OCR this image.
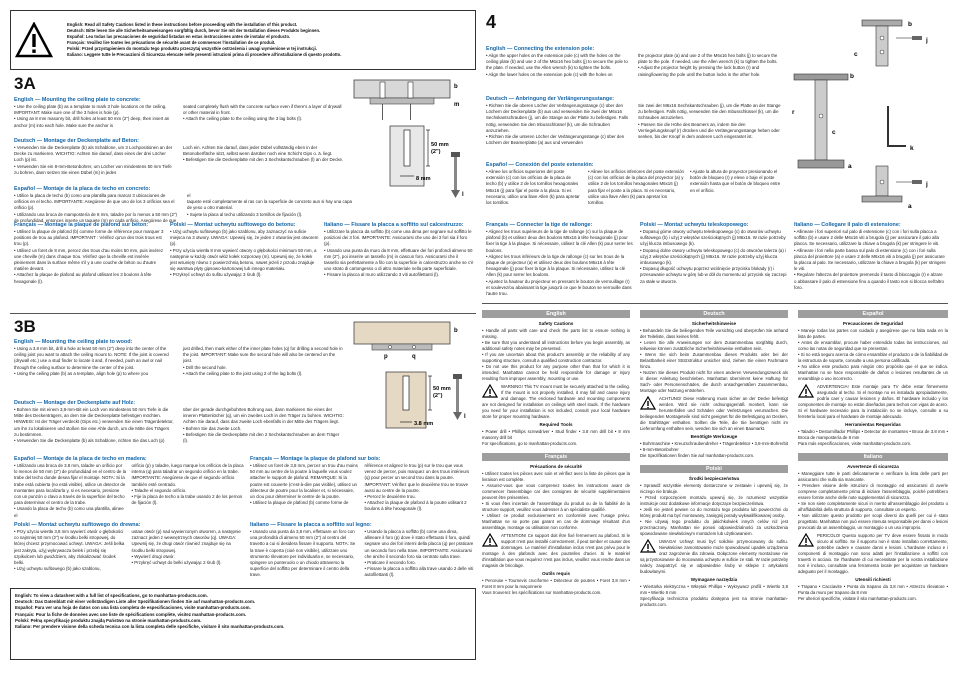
English: Read all Safety Cautions listed in these instructions before proceeding with the installation of this product.
Deutsch: Bitte lesen Sie alle Sicherheitsanweisungen sorgfältig durch, bevor Sie mit der Installation dieses Produkts beginnen.
Español: Lea todas las precauciones de seguridad listadas en estas instrucciones antes de instalar el producto.
Français: Veuillez lire toutes les précautions de sécurité avant de commencer l'installation de ce produit.
Polski: Przed przystąpieniem do montażu tego produktu przeczytaj wszystkie ostrzeżenia i uwagi wymienione w tej instrukcji.
Italiano: Leggere tutte le Precauzioni di Sicurezza elencate nelle presenti istruzioni prima di procedere all'installazione di questo prodotto.
3A
English — Mounting the ceiling plate to concrete:
• Use the ceiling plate (b) as a template to mark 3 hole locations on the ceiling. IMPORTANT: Make sure one of the 3 holes is hole (p).
• Using an 8 mm masonry bit, drill holes at least 50 mm (2") deep, then insert an anchor (m) into each hole. Make sure the anchor is
seated completely flush with the concrete surface even if there's a layer of drywall or other material in front.
• Attach the ceiling plate to the ceiling using the 3 lag bolts (l).
Deutsch — Montage der Deckenplatte auf Beton:
• Verwenden Sie die Deckenplatte (b) als Schablone, um 3 Lochpositionen an der Decke zu markieren. WICHTIG: Achten Sie darauf, dass eines der drei Löcher Loch (p) ist.
• Verwenden Sie ein 8-mm-Betonbohrer, um Löcher von mindestens 50 mm Tiefe zu bohren, dann setzen Sie einen Dübel (m) in jedes
Loch ein. Achten Sie darauf, dass jeder Dübel vollständig eben in der Betonoberfläche sitzt, selbst wenn darüber noch eine Schicht Gips o. ä. liegt.
• Befestigen Sie die Deckenplatte mit den 3 Sechskantschrauben (l) an der Decke.
Español — Montaje de la placa de techo en concreto:
• Utilice la placa de techo (b) como una plantilla para marcar 3 ubicaciones de orificios en el techo. IMPORTANTE: Asegúrese de que uno de los 3 orificios sea el orificio (p).
• Utilizando una broca de mampostería de 8 mm, taladre por lo menos a 50 mm (2") de profundidad, entonces inserte un taquete (m) en cada orificio. Asegúrese de que el
taquete esté completamente al ras con la superficie de concreto aun si hay una capa de yeso u otro material.
• Sujete la placa al techo utilizando 3 tornillos de fijación (l).
Français — Montage la plaque de plafond sur béton:
• Utilisez la plaque de plafond (b) comme forme de référence pour marquer 3 positions de trou au plafond. IMPORTANT : Vérifiez qu'un des trois trous est trou (p).
• Utilisez un foret de 8 mm, percez des trous d'au moins 50 mm, puis insérez une cheville (m) dans chaque trou. Vérifiez que la cheville est insérée pleinement dans la surface même s'il y a une couche de béton ou d'autre matière devant.
• Attachez la plaque de plafond au plafond utilisant les 3 boulons à tête hexagonale (l).
Polski — Montaż uchwytu sufitowego do betonu:
• Użyj uchwytu sufitowego (b) jako szablonu, aby zaznaczyć na suficie miejsca na 3 otwory. UWAGA: Upewnij się, że jeden z otworów jest otworem (p).
• Przy użyciu wiertła 8 mm wywierć otwory o głębokości minimum 50 mm, a następnie w każdy otwór włóż kołek rozporowy (m). Upewnij się, że kołek jest wsunięty równo z powierzchnią betonu, nawet jeżeli z przodu znajduje się warstwa płyty gipsowo-kartonowej lub innego materiału.
• Przykręć uchwyt do sufitu używając 3 śrub (l).
Italiano — Fissare la placca a soffitto sul calcestruzzo:
• Utilizzare la placca da soffitto (b) come una dima per segnare sul soffitto le posizioni dei 3 fori. IMPORTANTE: Assicurarsi che uno dei 3 fori sia il foro (p).
• Usando una punta da muro da 8 mm, effettuare dei fori profondi almeno 50 mm (2"), poi inserire un tassello (m) in ciascun foro. Assicurarsi che il tassello sia perfettamente a filo con la superficie in calcestruzzo anche se c'è uno strato di cartongesso o di altro materiale nella parte superficiale.
• Fissare la placca al muro utilizzando 3 viti autofilettanti (l).
b
m
50 mm
(2")
8 mm
l
3B
English — Mounting the ceiling plate to wood:
• Using a 3.8 mm bit, drill a hole at least 50 mm (2") deep into the center of the ceiling joist you want to attach the ceiling mount to. NOTE: If the joist is covered (drywall etc.) use a stud finder to locate it and, if needed, push an awl or nail through the ceiling surface to determine the center of the joist.
• Using the ceiling plate (b) as a template, align hole (p) to where you
just drilled, then mark either of the inner plate holes (q) for drilling a second hole in the joist. IMPORTANT: Make sure the second hole will also be centered on the joist.
• Drill the second hole.
• Attach the ceiling plate to the joist using 2 of the lag bolts (l).
Deutsch — Montage der Deckenplatte auf Holz:
• Bohren Sie mit einem 3,8-mm-Bit ein Loch von mindestens 50 mm Tiefe in die Mitte des Deckenträgers, an dem Sie die Deckenplatte befestigen möchten. HINWEIS: Ist der Träger verdeckt (Gips etc.) verwenden Sie einen Trägerdetektor, um ihn zu lokalisieren und stoßen Sie eine Ahle durch, um die Mitte des Trägers zu bestimmen.
• Verwenden Sie die Deckenplatte (b) als Schablone, richten Sie das Loch (p)
über der gerade durchgebohrten Bohrung aus, dann markieren Sie eines der inneren Plattenlöcher (q), um ein zweites Loch in den Träger zu bohren. WICHTIG: Achten Sie darauf, dass das zweite Loch ebenfalls in der Mitte des Trägers liegt.
• Bohren Sie das zweite Loch.
• Befestigen Sie die Deckenplatte mit den 2 Sechskantschrauben an dem Träger (l).
Español — Montaje de la placa de techo en madera:
• Utilizando una broca de 3.8 mm, taladre un orificio por lo menos de 50 mm (2") de profundidad en el centro de la trabe del techo donde desea fijar el montaje. NOTA: Si la trabe está cubierta (no está visible), utilice un detector de montantes para localizarla y, si es necesario, presione con un punzón o clavo a través de la superficie del techo para determinar el centro de la trabe.
• Usando la placa de techo (b) como una plantilla, alinee el
orificio (p) y taladre, luego marque los orificios de la placa interna (q) para taladrar un segundo orificio en la trabe. IMPORTANTE: Asegúrese de que el segundo orificio también esté centrado.
• Taladre el segundo orificio.
• Fije la placa de techo a la trabe usando 2 de los pernos de fijación (l).
Polski — Montaż uchwytu sufitowego do drewna:
• Przy użyciu wiertła 3,8 mm wywierć otwór o głębokości co najmniej 50 mm (2") w środku belki stropowej, do której chcesz przymocować uchwyt. UWAGA: Jeśli belka jest zakryta, użyj wykrywacza belek i przebij się szpikulcem lub gwoździem, aby zlokalizować środek belki.
• Użyj uchwytu sufitowego (b) jako szablonu,
ustaw otwór (p) nad wywierconym otworem, a następnie zaznacz jeden z wewnętrznych otworów (q). UWAGA: Upewnij się, że drugi otwór również znajduje się na środku belki stropowej.
• Wywierć drugi otwór.
• Przykręć uchwyt do belki używając 2 śrub (l).
Français — Montage la plaque de plafond sur bois:
• Utilisez un foret de 3,8 mm, percez un trou d'au moins 50 mm au centre de la poutre à laquelle vous voulez attacher le support de plafond. REMARQUE: Si la poutre est couverte (c'est-à-dire pas visible), utilisez un détecteur de poutre pour la localiser et, si nécessaire, un clou pour déterminer le centre de la poutre.
• Utilisez la plaque de plafond (b) comme forme de
référence et alignez le trou (p) sur le trou que vous venez de percer, puis marquez un des trous intérieurs (q) pour percer un second trou dans la poutre. IMPORTANT: Vérifiez que le deuxième trou se trouve aussi au centre de la poutre.
• Percez le deuxième trou.
• Attachez la plaque de plafond à la poutre utilisant 2 boulons à tête hexagonale (l).
Italiano — Fissare la placca a soffitto sul legno:
• Usando una punta da 3,8 mm, effettuare un foro con una profondità di almeno 50 mm (2") al centro del travetto a cui si desidera fissare il supporto. NOTA: Se la trave è coperta (cioè non visibile), utilizzare uno strumento rilevatore per individuarla e, se necessario, spingere un punteruolo o un chiodo attraverso la superficie del soffitto per determinare il centro della trave.
• Usando la placca a soffitto (b) come una dima,
allineare il foro (p) dove è stato effettuato il foro, quindi segnare uno dei fori interni della placca (q) per praticare un secondo foro nella trave. IMPORTANTE: Assicurarsi che anche il secondo foro sia centrato sulla trave.
• Praticare il secondo foro.
• Fissare la placca a soffitto alla trave usando 2 delle viti autofilettanti (l).
p	q
b
50 mm
(2")
3.8 mm
l
English: To view a datasheet with a full list of specifications, go to manhattan-products.com.
Deutsch: Das Datenblatt mit einer vollständigen Liste aller Spezifikationen finden Sie auf manhattan-products.com.
Español: Para ver una hoja de datos con una lista completa de especificaciones, visite manhattan-products.com.
Français: Pour la fiche de données avec une liste de spécifications complète, visitez manhattan-products.com.
Polski: Pełną specyfikację produktu znajdą Państwo na stronie manhattan-products.com.
Italiano: Per prendere visione della scheda tecnica con la lista completa delle specifiche, visitare il sito manhattan-products.com.
4
English — Connecting the extension pole:
• Align the upper holes on the extension pole (c) with the holes on the ceiling plate (b) and use 2 of the M6x16 hex bolts (j) to secure the pole to the plate. If needed, use the Allen wrench (k) to tighten the bolts.
• Align the lower holes on the extension pole (c) with the holes on
the projector plate (a) and use 2 of the M6x16 hex bolts (j) to secure the plate to the pole. If needed, use the Allen wrench (k) to tighten the bolts.
• Adjust the projector height by pressing the lock button (r) and raising/lowering the pole until the button locks in the other hole.
Deutsch — Anbringung der Verlängerungsstange:
• Richten Sie die oberen Löcher der Verlängerungsstange (c) über den Löchern der Deckenplatte (b) aus und verwenden Sie zwei der M6x16 Sechskantschrauben (j), um die Stange an der Platte zu befestigen. Falls nötig, verwenden Sie den Inbusschlüssel (k), um die Schrauben anzuziehen.
• Richten Sie die unteren Löcher der Verlängerungsstange (c) über den Löchern der Beamerplatte (a) aus und verwenden
Sie zwei der M6x16 Sechskantschrauben (j), um die Platte an der Stange zu befestigen. Falls nötig, verwenden Sie den Inbusschlüssel (k), um die Schrauben anzuziehen.
• Passen Sie die Höhe des Beamers an, indem Sie den Verriegelungsknopf (r) drücken und die Verlängerungsstange heben oder senken, bis der Knopf in dem anderen Loch eingerastet ist.
Español — Conexión del poste extensión:
• Alinee los orificios superiores del poste extensión (c) con los orificios de la placa de techo (b) y utilice 2 de los tornillos hexagonales M6x16 (j) para fijar el poste a la placa. Si es necesario, utilice una llave Allen (k) para apretar los tornillos.
• Alinee los orificios inferiores del poste extensión (c) con los orificios de la placa del proyector (a) y utilice 2 de los tornillos hexagonales M6x16 (j) para fijar el poste a la placa. Si es necesario, utilice una llave Allen (k) para apretar los tornillos.
• Ajuste la altura de proyector presionando el botón de bloqueo (r) y eleve o baje el poste extensión hasta que el botón de bloqueo entre en el orificio.
Français — Connecter la tige de rallonge:
• Alignez les trous supérieurs de la tige de rallonge (c) sur la plaque de plafond (b) et utilisez deux des boulons M6x16 à tête hexagonale (j) pour fixer la tige à la plaque. Si nécessaire, utilisez la clé Allen (k) pour serrer les boulons.
• Alignez les trous inférieurs de la tige de rallonge (c) sur les trous de la plaque de projecteur (a) et utilisez deux des boulons M6x16 à tête hexagonale (j) pour fixer la tige à la plaque. Si nécessaire, utilisez la clé Allen (k) pour serrer les boulons.
• Ajustez la hauteur du projecteur en pressant le bouton de verrouillage (r) et soulevez/ou abaissant la tige jusqu'à ce que le bouton se verrouille dans l'autre trou.
Polski — Montaż uchwytu teleskopowego:
• Dopasuj górne otwory uchwytu teleskopowego (c) do otworów uchwytu sufitowego (b) i użyj 2 wkrętów sześciokątnych (j) M6x16. W razie potrzeby użyj klucza imbusowego (k).
• Dopasuj dolne otwory uchwytu teleskopowego (c) do otworów talerza (a) i użyj 2 wkrętów sześciokątnych (j) M6x16. W razie potrzeby użyj klucza imbusowego (k).
• Dopasuj długość uchwytu poprzez wciśnięcie przycisku blokady (r) i przesuwanie uchwytu w górę lub w dół do momentu aż przycisk się zaczepi za stałe w otworze.
Italiano — Collegare il palo di estensione:
• Allineare i fori superiori sul palo di estensione (c) con i fori sulla placca a soffitto (b) e usare 2 delle M6x16 viti a brugola (j) per assicurare il palo alla placca. Se necessario, utilizzare la chiave a brugola (k) per stringere le viti.
• Allineare i fori nella parte bassa sul palo di estensione (c) con i fori sulla placca del proiettore (a) e usare 2 delle M6x16 viti a brugola (j) per assicurare la placca al palo. Se necessario, utilizzare la chiave a brugola (k) per stringere le viti.
• Regolare l'altezza del proiettore premendo il tasto di bloccaggio (r) e alzare o abbassare il palo di estensione fino a quando il tasto non si blocca nell'altro foro.
b
j
c
b
r
c
a
k
j
a
English
Safety Cautions
• Handle all parts with care and check the parts list to ensure nothing is missing.
• Be sure that you understand all instructions before you begin assembly, as additional safety notes may be presented.
• If you are uncertain about this product's assembly or the reliability of any supporting structure, consult a qualified construction contractor.
• Do not use this product for any purpose other than that for which it is intended. Manhattan cannot be held responsible for damage or injury resulting from improper assembly, mounting or use.
WARNING! This TV mount must be securely attached to the ceiling. If the mount is not properly installed, it may fall and cause injury and damage. The enclosed hardware and mounting components are not designed for installation on ceilings with steel studs. If the hardware you need for your installation is not included, consult your local hardware store for proper mounting hardware.
Required Tools
• Power drill • Phillips screwdriver • Stud finder • 3.8 mm drill bit • 8 mm masonry drill bit
For specifications, go to manhattan-products.com.
Français
Précautions de sécurité
• Utilisez toutes les pièces avec soin et vérifiez avec la liste de pièces que la livraison est complète.
• Assurez-vous que vous comprenez toutes les instructions avant de commencer l'assemblage car des consignes de sécurité supplémentaires peuvent être présentées.
• Si vous êtes incertain de l'assemblage du produit ou de la fiabilité de la structure support, veuillez vous adresser à un spécialiste qualifié.
• Utilisez ce produit exclusivement en conformité avec l'usage prévu. Manhattan ne se porte pas garant en cas de dommage résultant d'un assemblage, montage ou utilisation non conforme.
ATTENTION! Ce support doit être fixé fermement au plafond. Si le support n'est pas installé correctement, il peut tomber et causer des dommages. Le matériel d'installation inclus n'est pas prévu pour le montage à des plafonds avec des poutrelles d'acier. Si le matériel d'installation que vous requérez n'est pas inclus, veuillez vous rendre dans un magasin de bricolage.
Outils requis
• Perceuse • Tournevis cruciforme • Détecteur de poutres • Foret 3,8 mm • Foret 8 mm pour la maçonnerie
Vous trouverez les spécifications sur manhattan-products.com.
Deutsch
Sicherheitshinweise
• Behandeln Sie die beiliegenden Teile vorsichtig und überprüfen Sie anhand der Teileliste, dass keines fehlt.
• Lesen Sie alle Anweisungen vor dem Zusammenbau sorgfältig durch, teilweise können zusätzliche Sicherheitshinweise enthalten sein.
• Wenn Sie sich beim Zusammenbau dieses Produkts oder bei der Belastbarkeit einer Stützstruktur unsicher sind, ziehen Sie einen Fachmann hinzu.
• Nutzen Sie dieses Produkt nicht für einen anderen Verwendungszweck als in dieser Anleitung beschrieben. Manhattan übernimmt keine Haftung für Sach- oder Personenschäden, die durch unsachgemäßen Zusammenbau, Montage oder Nutzung entstehen.
ACHTUNG! Diese Halterung muss sicher an der Decke befestigt werden. Wird sie nicht ordnungsgemäß montiert, kann sie herunterfallen und Schäden oder Verletzungen verursachen. Die beiliegenden Montageteile sind nicht geeignet für die Befestigung an Decken, die Stahlträger enthalten. Sollten die Teile, die Sie benötigen nicht im Lieferumfang enthalten sein, wenden Sie sich an einen Baumarkt.
Benötigte Werkzeuge
• Bohrmaschine • Kreuzschraubendreher • Trägerdetektor • 3,8-mm-Bohrerbit • 8-mm-Betonbohrer
Die Spezifikationen finden Sie auf manhattan-products.com.
Polski
Środki bezpieczeństwa
• Sprawdź wszystkie elementy dostarczone w zestawie i upewnij się, że niczego nie brakuje.
• Przed rozpoczęciem montażu upewnij się, że rozumiesz wszystkie instrukcje oraz dodatkowe informacje dotyczące bezpieczeństwa.
• Jeśli nie jesteś pewien co do montażu tego produktu lub powierzchni do której produkt ma być montowany, zasięgnij porady wykwalifikowanej osoby.
• Nie używaj tego produktu do jakichkolwiek innych celów niż jest przeznaczony. Manhattan nie ponosi odpowiedzialności za uszkodzenia spowodowane niewłaściwym montażem lub użytkowaniem.
UWAGA! Uchwyt musi być solidnie przymocowany do sufitu. Niewłaściwe zamontowanie może spowodować upadek urządzenia oraz zagrożenie dla zdrowia. Dołączone elementy montażowe nie są przystosowane do mocowania uchwytu w suficie ze stali. W razie potrzeby należy zaopatrzyć się w odpowiednie śruby w sklepie z artykułami budowlanymi.
Wymagane narzędzia
• Wiertarka elektryczna • Wkrętak Phillips • Wykrywacz profili • Wiertło 3,8 mm • Wiertło 8 mm
Specyfikacja techniczna produktu dostępna jest na stronie manhattan-products.com.
Español
Precauciones de Seguridad
• Maneje todas las partes con cuidado y asegúrese que no falta nada en la lista de partes.
• Antes de ensamblar, procure haber entendido todas las instrucciones, así como las notas de seguridad que se presentan.
• Si no está seguro acerca de cómo ensamblar el producto o de la fiabilidad de la estructura de soporte, consulte a una persona calificada.
• No utilice este producto para ningún otro propósito que el que se indica. Manhattan no se hace responsable de daños o lesiones resultantes de un ensamblaje o uso incorrecto.
ADVERTENCIA! Este montaje para TV debe estar firmemente asegurado al techo. Si el montaje no es instalado apropiadamente, podría caer y causar lesiones y daños. El hardware incluido y los componentes de montaje no están diseñados para techos con vigas de acero. Si el hardware necesario para la instalación no se incluye, consulte a su ferretería local para el hardware de montaje adecuado.
Herramientas Requeridas
• Taladro • Destornillador Phillips • Detector de montantes • Broca de 3.8 mm • Broca de mampostería de 8 mm
Para más especificaciones, visite manhattan-products.com.
Italiano
Avvertenze di sicurezza
• Maneggiare tutte le parti delicatamente e verificare la lista delle parti per assicurarsi che nulla sia mancante.
• Prendere visione delle istruzioni di montaggio ed assicurarsi di averle comprese completamente prima di iniziare l'assemblaggio, poiché potrebbero essere fornite anche delle note supplementari di sicurezza.
• Se non siete completamente sicuri in merito all'assemblaggio del prodotto o all'affidabilità della struttura di supporto, consultate un esperto.
• Non utilizzare questo prodotto per scopi diversi da quelli per cui è stato progettato. Manhattan non può essere ritenuta responsabile per danni o lesioni provocati da un assemblaggio, un montaggio o un uso improprio.
PERICOLO! Questo supporto per TV deve essere fissato in modo sicuro al soffitto. Se il supporto non è stato installato correttamente, potrebbe cadere e causare danni e lesioni. L'hardware incluso e i componenti di montaggio non sono adatti per l'installazione a soffitti con travetti in acciaio. Se l'hardware di cui necessitate per la vostra installazione non è incluso, consultate una ferramenta locale per acquistare un hardware adeguato per il montaggio.
Utensili richiesti
• Trapano • Cacciavite • Punta da trapano da 3,8 mm • Attrezzo rilevatore • Punta da muro per trapano da 8 mm
Per ulteriori specifiche, visitate il sito manhattan-products.com.
